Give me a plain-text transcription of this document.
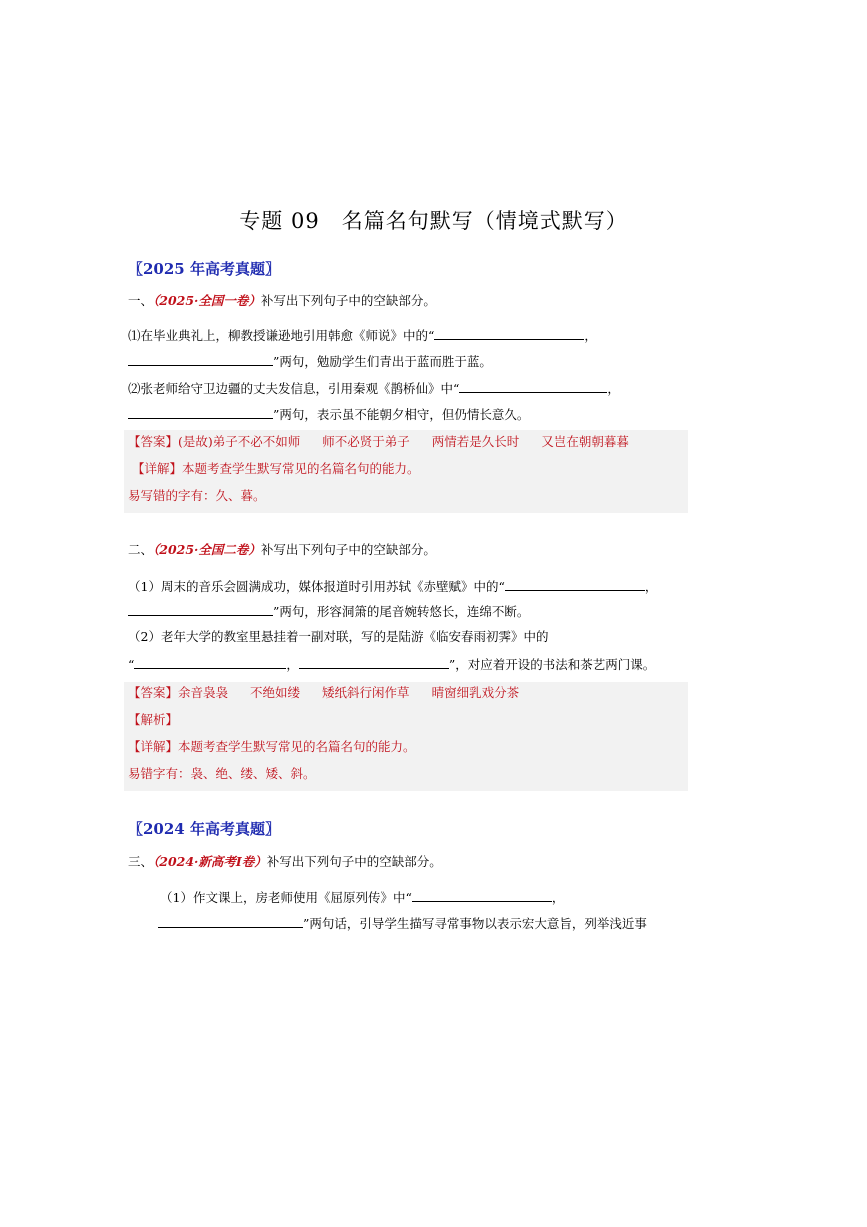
专题 09　名篇名句默写（情境式默写）
〖2025 年高考真题〗
一、（2025·全国一卷）补写出下列句子中的空缺部分。
⑴在毕业典礼上，柳教授谦逊地引用韩愈《师说》中的“	，
”两句，勉励学生们青出于蓝而胜于蓝。
⑵张老师给守卫边疆的丈夫发信息，引用秦观《鹊桥仙》中“	，
”两句，表示虽不能朝夕相守，但仍情长意久。
【答案】(是故)弟子不必不如师 师不必贤于弟子 两情若是久长时 又岂在朝朝暮暮
【详解】本题考查学生默写常见的名篇名句的能力。
易写错的字有：久、暮。
二、（2025·全国二卷）补写出下列句子中的空缺部分。
（1）周末的音乐会圆满成功，媒体报道时引用苏轼《赤壁赋》中的“	，
”两句，形容洞箫的尾音婉转悠长，连绵不断。
（2）老年大学的教室里悬挂着一副对联，写的是陆游《临安春雨初霁》中的
“	，	”，对应着开设的书法和茶艺两门课。
【答案】余音袅袅 不绝如缕 矮纸斜行闲作草 晴窗细乳戏分茶
【解析】
【详解】本题考查学生默写常见的名篇名句的能力。
易错字有：袅、绝、缕、矮、斜。
〖2024 年高考真题〗
三、（2024·新高考Ⅰ卷）补写出下列句子中的空缺部分。
（1）作文课上，房老师使用《屈原列传》中“	，
”两句话，引导学生描写寻常事物以表示宏大意旨，列举浅近事
